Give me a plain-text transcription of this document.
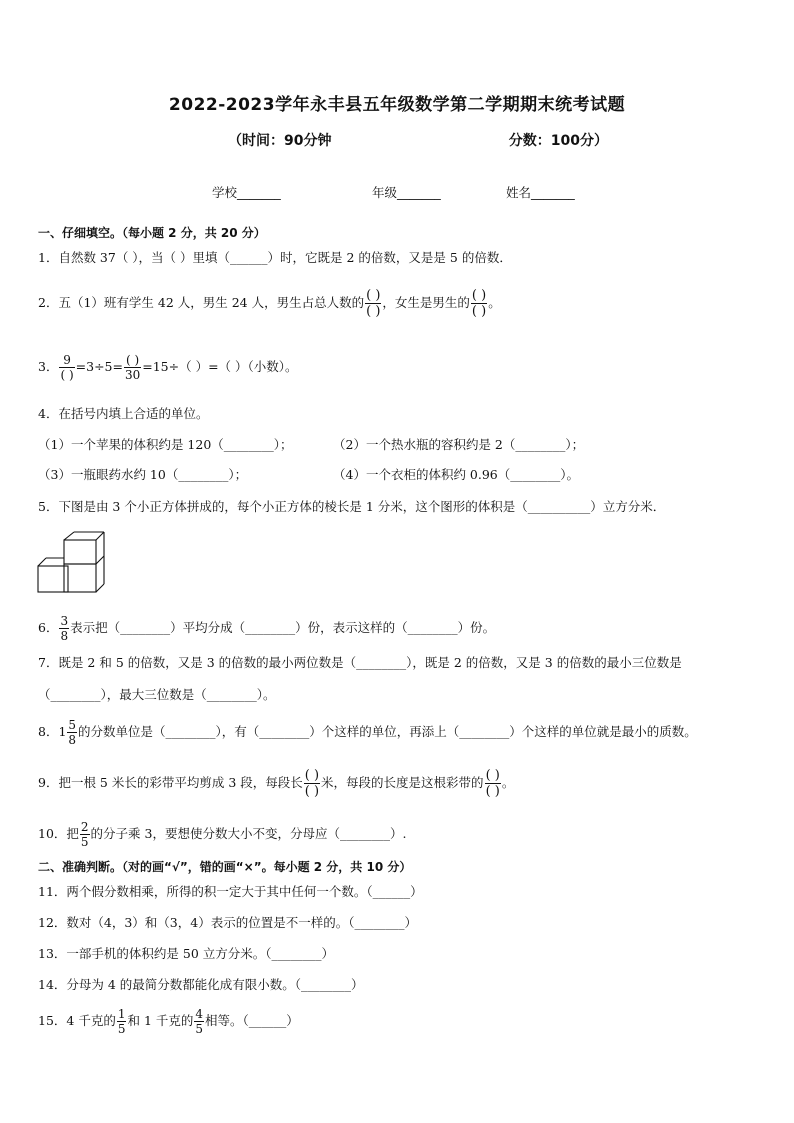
2022-2023学年永丰县五年级数学第二学期期末统考试题
（时间：90分钟	分数：100分）
学校_______	年级_______	姓名_______
一、仔细填空。（每小题 2 分，共 20 分）
1．自然数 37（ ），当（ ）里填（______）时，它既是 2 的倍数，又是是 5 的倍数．
2．五（1）班有学生 42 人，男生 24 人，男生占总人数的 $\frac{( )}{( )}$ ，女生是男生的 $\frac{( )}{( )}$ 。
3． $\frac{9}{( )} =3\div 5= \frac{( )}{30} =15\div$（ ）=（ ）（小数）。
4．在括号内填上合适的单位。
（1）一个苹果的体积约是 120（________）；	（2）一个热水瓶的容积约是 2（________）；
（3）一瓶眼药水约 10（________）；	（4）一个衣柜的体积约 0.96（________）。
5．下图是由 3 个小正方体拼成的，每个小正方体的棱长是 1 分米，这个图形的体积是（__________）立方分米．
6． $\frac{3}{8}$ 表示把（________）平均分成（________）份，表示这样的（________）份。
7．既是 2 和 5 的倍数，又是 3 的倍数的最小两位数是（________），既是 2 的倍数，又是 3 的倍数的最小三位数是
（________），最大三位数是（________）。
8．$1 \frac{5}{8}$ 的分数单位是（________），有（________）个这样的单位，再添上（________）个这样的单位就是最小的质数。
9．把一根 5 米长的彩带平均剪成 3 段，每段长 $\frac{( )}{( )}$ 米，每段的长度是这根彩带的 $\frac{( )}{( )}$ 。
10．把 $\frac{2}{5}$ 的分子乘 3，要想使分数大小不变，分母应（________）.
二、准确判断。（对的画“√”，错的画“×”。每小题 2 分，共 10 分）
11．两个假分数相乘，所得的积一定大于其中任何一个数。（______）
12．数对（4，3）和（3，4）表示的位置是不一样的。（________）
13．一部手机的体积约是 50 立方分米。（________）
14．分母为 4 的最简分数都能化成有限小数。（________）
15．4 千克的 $\frac{1}{5}$ 和 1 千克的 $\frac{4}{5}$ 相等。（______）
